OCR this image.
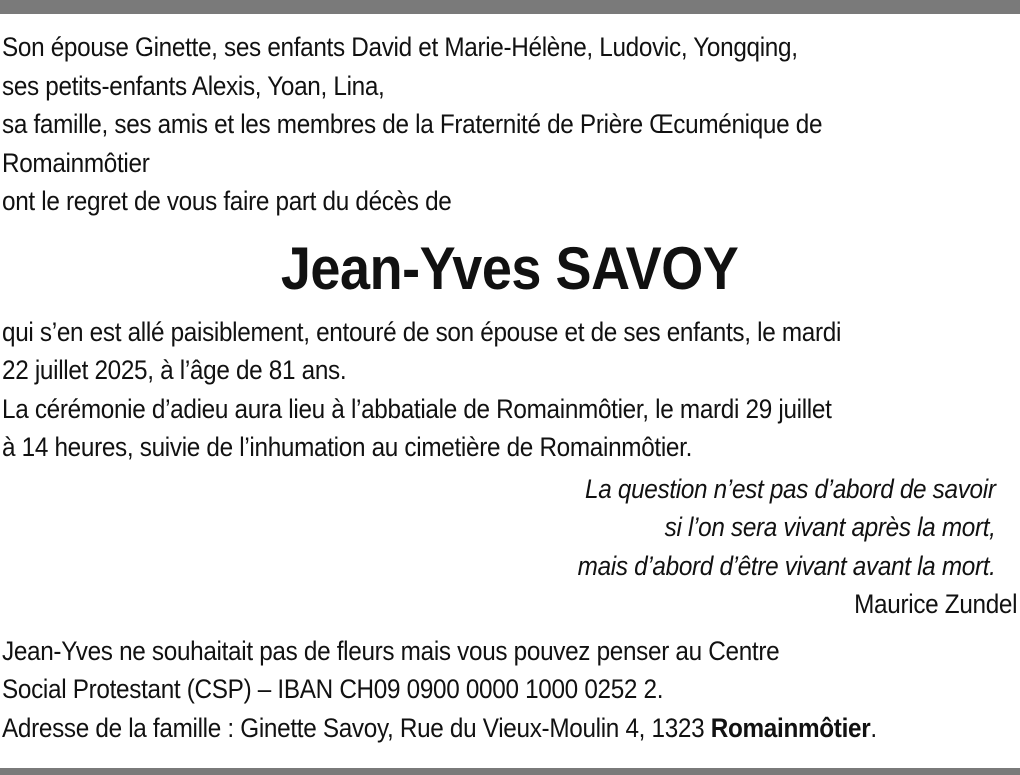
Son épouse Ginette, ses enfants David et Marie-Hélène, Ludovic, Yongqing,

ses petits-enfants Alexis, Yoan, Lina,

sa famille, ses amis et les membres de la Fraternité de Prière Œcuménique de

Romainmôtier

ont le regret de vous faire part du décès de

Jean-Yves SAVOY

qui s’en est allé paisiblement, entouré de son épouse et de ses enfants, le mardi

22 juillet 2025, à l’âge de 81 ans.

La cérémonie d’adieu aura lieu à l’abbatiale de Romainmôtier, le mardi 29 juillet

à 14 heures, suivie de l’inhumation au cimetière de Romainmôtier.

La question n’est pas d’abord de savoir

si l’on sera vivant après la mort,

mais d’abord d’être vivant avant la mort.

Maurice Zundel

Jean-Yves ne souhaitait pas de fleurs mais vous pouvez penser au Centre

Social Protestant (CSP) – IBAN CH09 0900 0000 1000 0252 2.

Adresse de la famille : Ginette Savoy, Rue du Vieux-Moulin 4, 1323 Romainmôtier.
